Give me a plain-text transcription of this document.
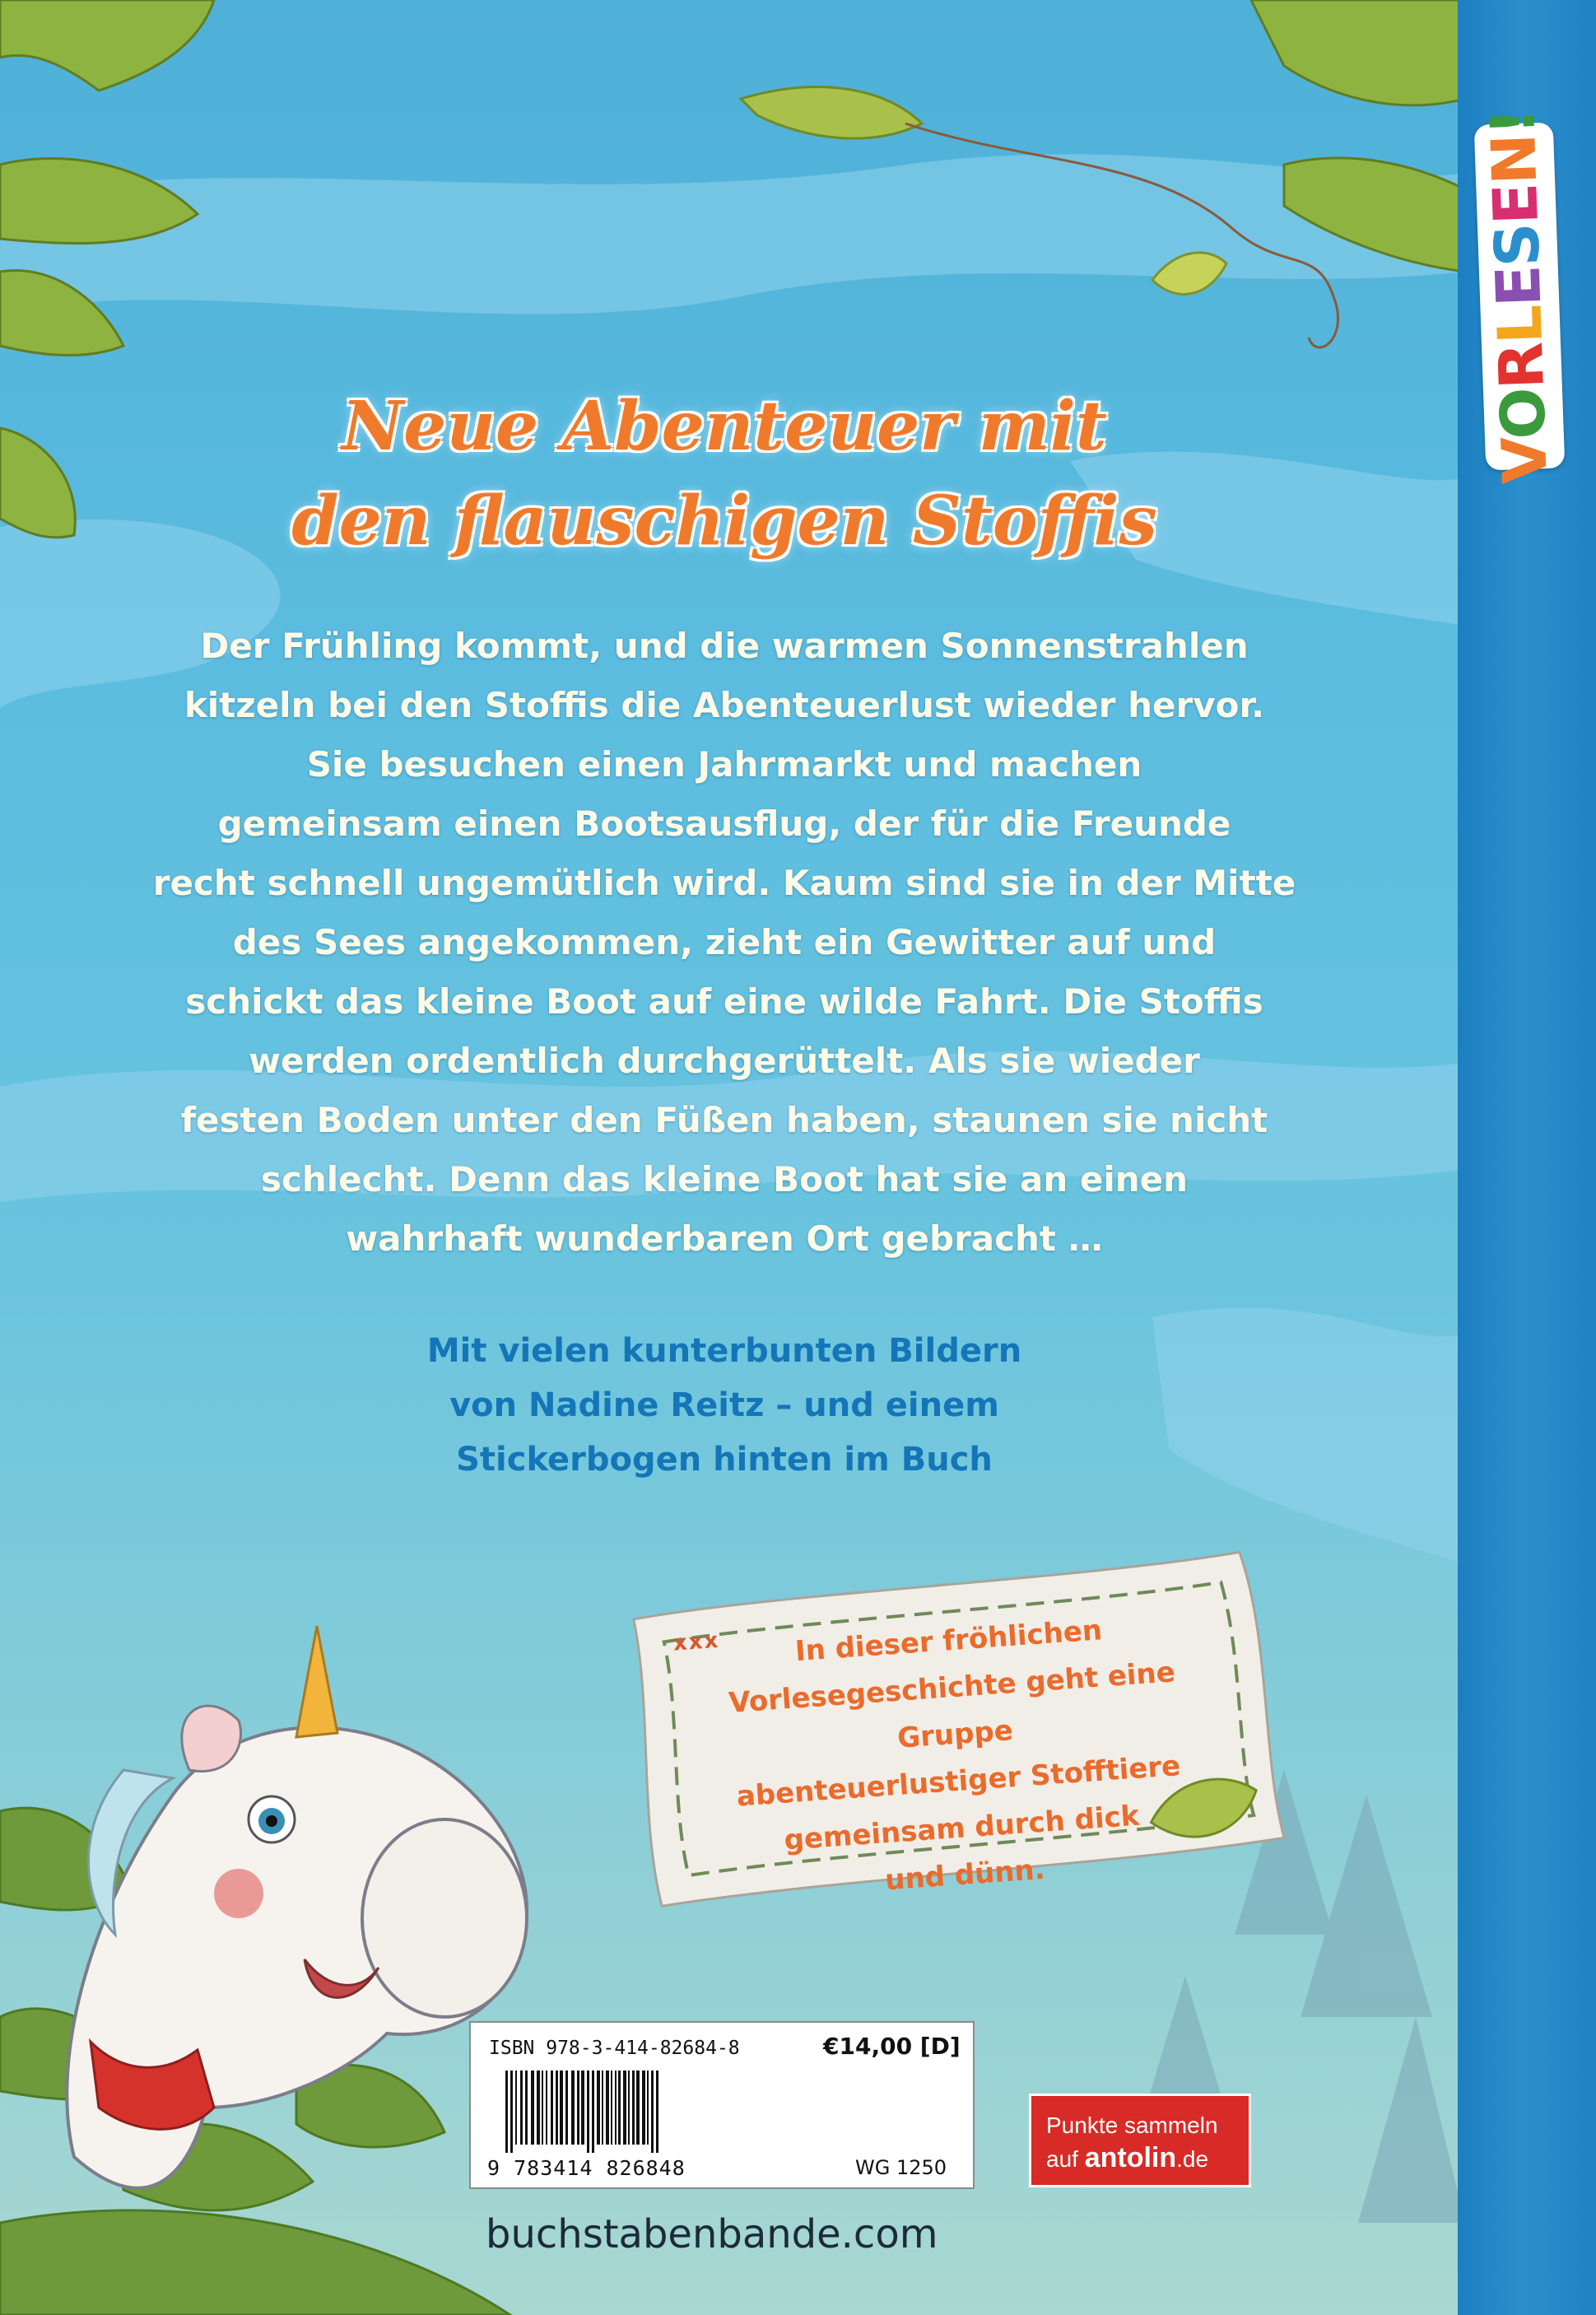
VORLESEN!
Neue Abenteuer mit
den flauschigen Stoffis
Der Frühling kommt, und die warmen Sonnenstrahlen
kitzeln bei den Stoffis die Abenteuerlust wieder hervor.
Sie besuchen einen Jahrmarkt und machen
gemeinsam einen Bootsausflug, der für die Freunde
recht schnell ungemütlich wird. Kaum sind sie in der Mitte
des Sees angekommen, zieht ein Gewitter auf und
schickt das kleine Boot auf eine wilde Fahrt. Die Stoffis
werden ordentlich durchgerüttelt. Als sie wieder
festen Boden unter den Füßen haben, staunen sie nicht
schlecht. Denn das kleine Boot hat sie an einen
wahrhaft wunderbaren Ort gebracht …
Mit vielen kunterbunten Bildern
von Nadine Reitz – und einem
Stickerbogen hinten im Buch
xxx	In dieser fröhlichen
Vorlesegeschichte geht eine Gruppe
abenteuerlustiger Stofftiere
gemeinsam durch dick
und dünn.
ISBN 978-3-414-82684-8	€14,00 [D]
9 783414 826848	WG 1250
Punkte sammeln
auf antolin.de
buchstabenbande.com
